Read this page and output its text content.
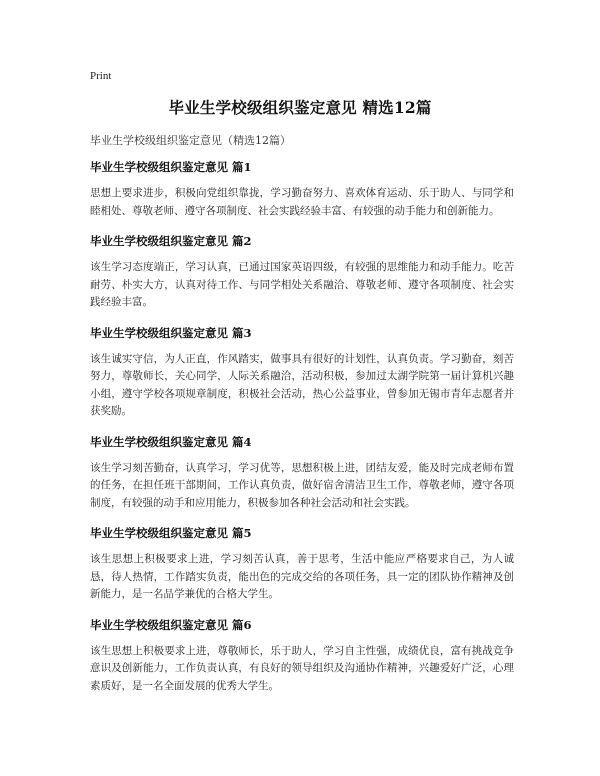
Print
毕业生学校级组织鉴定意见 精选12篇
毕业生学校级组织鉴定意见（精选12篇）
毕业生学校级组织鉴定意见 篇1

思想上要求进步，积极向党组织靠拢，学习勤奋努力、喜欢体育运动、乐于助人、与同学和睦相处、尊敬老师、遵守各项制度、社会实践经验丰富、有较强的动手能力和创新能力。

毕业生学校级组织鉴定意见 篇2

该生学习态度端正，学习认真，已通过国家英语四级，有较强的思维能力和动手能力。吃苦耐劳、朴实大方，认真对待工作、与同学相处关系融洽、尊敬老师、遵守各项制度、社会实践经验丰富。

毕业生学校级组织鉴定意见 篇3

该生诚实守信，为人正直，作风踏实，做事具有很好的计划性，认真负责。学习勤奋，刻苦努力，尊敬师长，关心同学，人际关系融洽，活动积极，参加过太湖学院第一届计算机兴趣小组，遵守学校各项规章制度，积极社会活动，热心公益事业，曾参加无锡市青年志愿者并获奖励。

毕业生学校级组织鉴定意见 篇4

该生学习刻苦勤奋，认真学习，学习优等，思想积极上进，团结友爱，能及时完成老师布置的任务，在担任班干部期间，工作认真负责，做好宿舍清洁卫生工作，尊敬老师，遵守各项制度，有较强的动手和应用能力，积极参加各种社会活动和社会实践。

毕业生学校级组织鉴定意见 篇5

该生思想上积极要求上进，学习刻苦认真，善于思考，生活中能应严格要求自己，为人诚恳，待人热情，工作踏实负责，能出色的完成交给的各项任务，具一定的团队协作精神及创新能力，是一名品学兼优的合格大学生。

毕业生学校级组织鉴定意见 篇6

该生思想上积极要求上进，尊敬师长，乐于助人，学习自主性强，成绩优良，富有挑战竞争意识及创新能力，工作负责认真，有良好的领导组织及沟通协作精神，兴趣爱好广泛，心理素质好，是一名全面发展的优秀大学生。
